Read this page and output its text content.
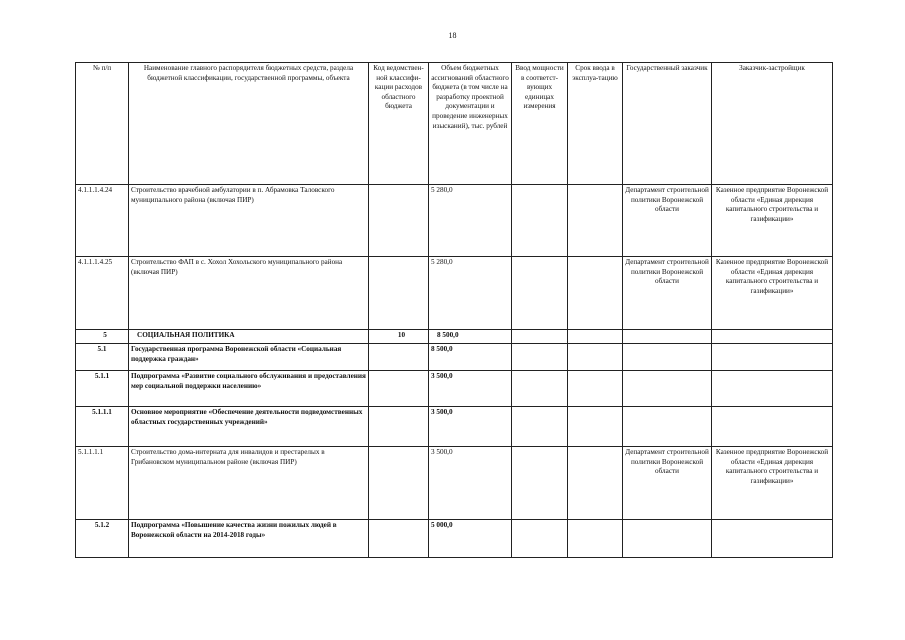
18
№ п/п	Наименование главного распорядителя бюджетных средств, раздела бюджетной классификации, государственной программы, объекта	Код ведомствен-ной классифи-кации расходов областного бюджета	Объем бюджетных ассигнований областного бюджета (в том числе на разработку проектной документации и проведение инженерных изысканий), тыс. рублей	Ввод мощности в соответст-вующих единицах измерения	Срок ввода в эксплуа-тацию	Государственный заказчик	Заказчик-застройщик
4.1.1.1.4.24	Строительство врачебной амбулатории в п. Абрамовка Таловского муниципального района (включая ПИР)		5 280,0			Департамент строительной политики Воронежской области	Казенное предприятие Воронежской области «Единая дирекция капитального строительства и газификации»
4.1.1.1.4.25	Строительство ФАП в с. Хохол Хохольского муниципального района (включая ПИР)		5 280,0			Департамент строительной политики Воронежской области	Казенное предприятие Воронежской области «Единая дирекция капитального строительства и газификации»
5	СОЦИАЛЬНАЯ ПОЛИТИКА	10	8 500,0				
5.1	Государственная программа Воронежской области «Социальная поддержка граждан»		8 500,0				
5.1.1	Подпрограмма «Развитие социального обслуживания и предоставления мер социальной поддержки населению»		3 500,0				
5.1.1.1	Основное мероприятие «Обеспечение деятельности подведомственных областных государственных учреждений»		3 500,0				
5.1.1.1.1	Строительство дома-интерната для инвалидов и престарелых в Грибановском муниципальном районе (включая ПИР)		3 500,0			Департамент строительной политики Воронежской области	Казенное предприятие Воронежской области «Единая дирекция капитального строительства и газификации»
5.1.2	Подпрограмма «Повышение качества жизни пожилых людей в Воронежской области на 2014-2018 годы»		5 000,0				
